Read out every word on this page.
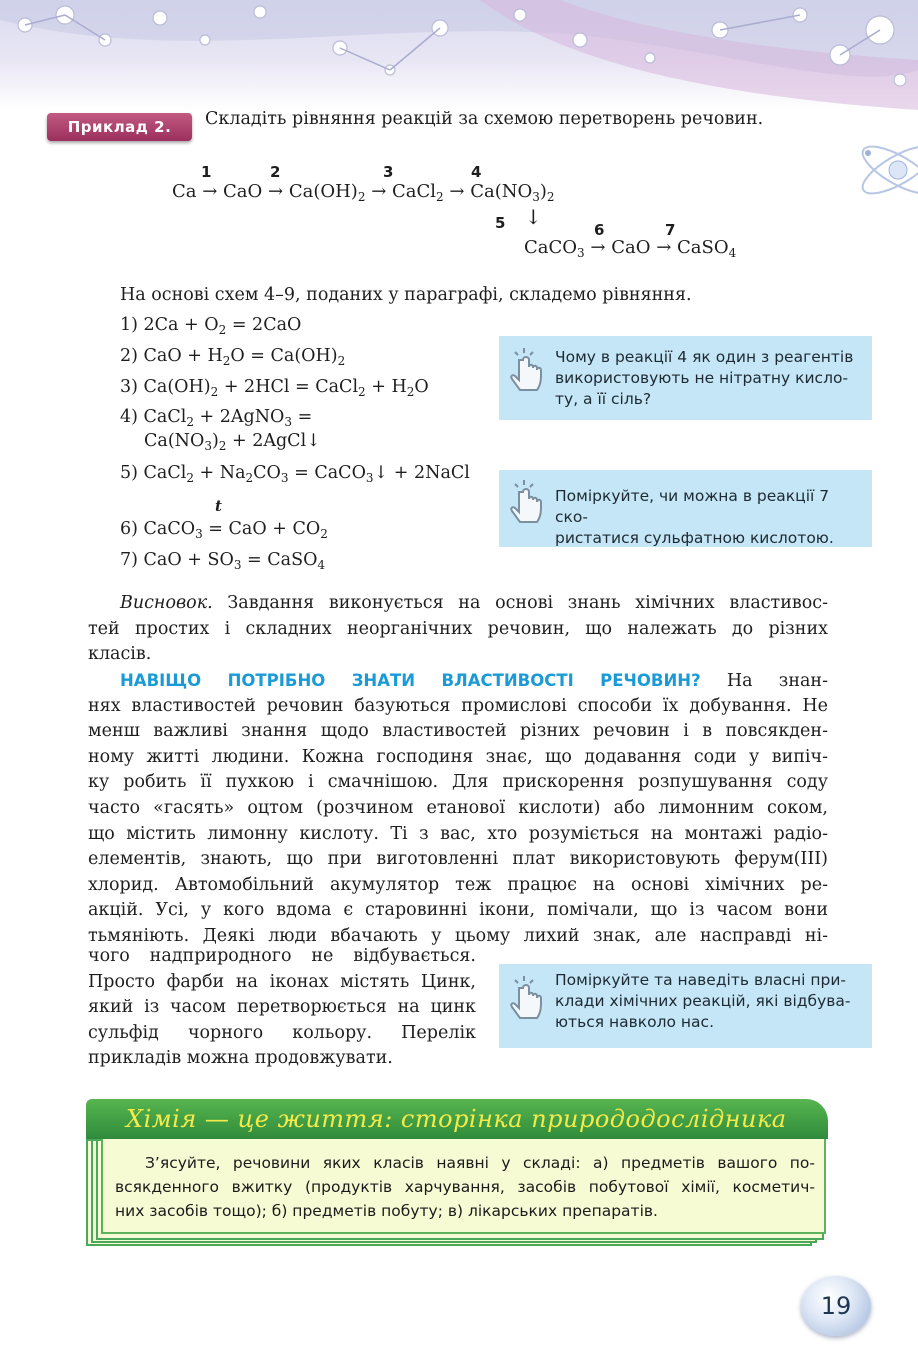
Приклад 2.	Складіть рівняння реакцій за схемою перетворень речовин.
1	2	3	4
Ca → CaO → $Ca(OH)_2$ → CaCl$_2$ → $Ca(NO_3)_2$
5 ↓
6	7
CaCO$_3$ → CaO → CaSO$_4$
На основі схем 4–9, поданих у параграфі, складемо рівняння.
1) $2Ca + O_2 = 2CaO$
2) CaO + $H_2O = Ca(OH)_2$
3) $Ca(OH)_2 + 2HCl$ = CaCl$_2$ + $H_2O$
4) CaCl$_2$ + 2AgNO$_3$ =
$Ca(NO_3)_2$ + 2AgCl↓
5) CaCl$_2$ + $Na_2CO_3$ = CaCO$_3$↓ + 2NaCl
t
6) CaCO$_3$ = CaO + $CO_2$
7) CaO + $SO_3$ = CaSO$_4$
Чому в реакції 4 як один з реагентів
використовують не нітратну кисло-
ту, а її сіль?
Поміркуйте, чи можна в реакції 7 ско-
ристатися сульфатною кислотою.
Поміркуйте та наведіть власні при-
клади хімічних реакцій, які відбува-
ються навколо нас.
Висновок. Завдання виконується на основі знань хімічних властивос-
тей простих і складних неорганічних речовин, що належать до різних
класів.
НАВІЩО ПОТРІБНО ЗНАТИ ВЛАСТИВОСТІ РЕЧОВИН? На знан-
нях властивостей речовин базуються промислові способи їх добування. Не
менш важливі знання щодо властивостей різних речовин і в повсякден-
ному житті людини. Кожна господиня знає, що додавання соди у випіч-
ку робить її пухкою і смачнішою. Для прискорення розпушування соду
часто «гасять» оцтом (розчином етанової кислоти) або лимонним соком,
що містить лимонну кислоту. Ті з вас, хто розуміється на монтажі радіо-
елементів, знають, що при виготовленні плат використовують ферум(ІІІ)
хлорид. Автомобільний акумулятор теж працює на основі хімічних ре-
акцій. Усі, у кого вдома є старовинні ікони, помічали, що із часом вони
тьмяніють. Деякі люди вбачають у цьому лихий знак, але насправді ні-
чого надприродного не відбувається.
Просто фарби на іконах містять Цинк,
який із часом перетворюється на цинк
сульфід чорного кольору. Перелік
прикладів можна продовжувати.
Хімія — це життя: сторінка природодослідника
З’ясуйте, речовини яких класів наявні у складі: а) предметів вашого по-
всякденного вжитку (продуктів харчування, засобів побутової хімії, косметич-
них засобів тощо); б) предметів побуту; в) лікарських препаратів.
19
